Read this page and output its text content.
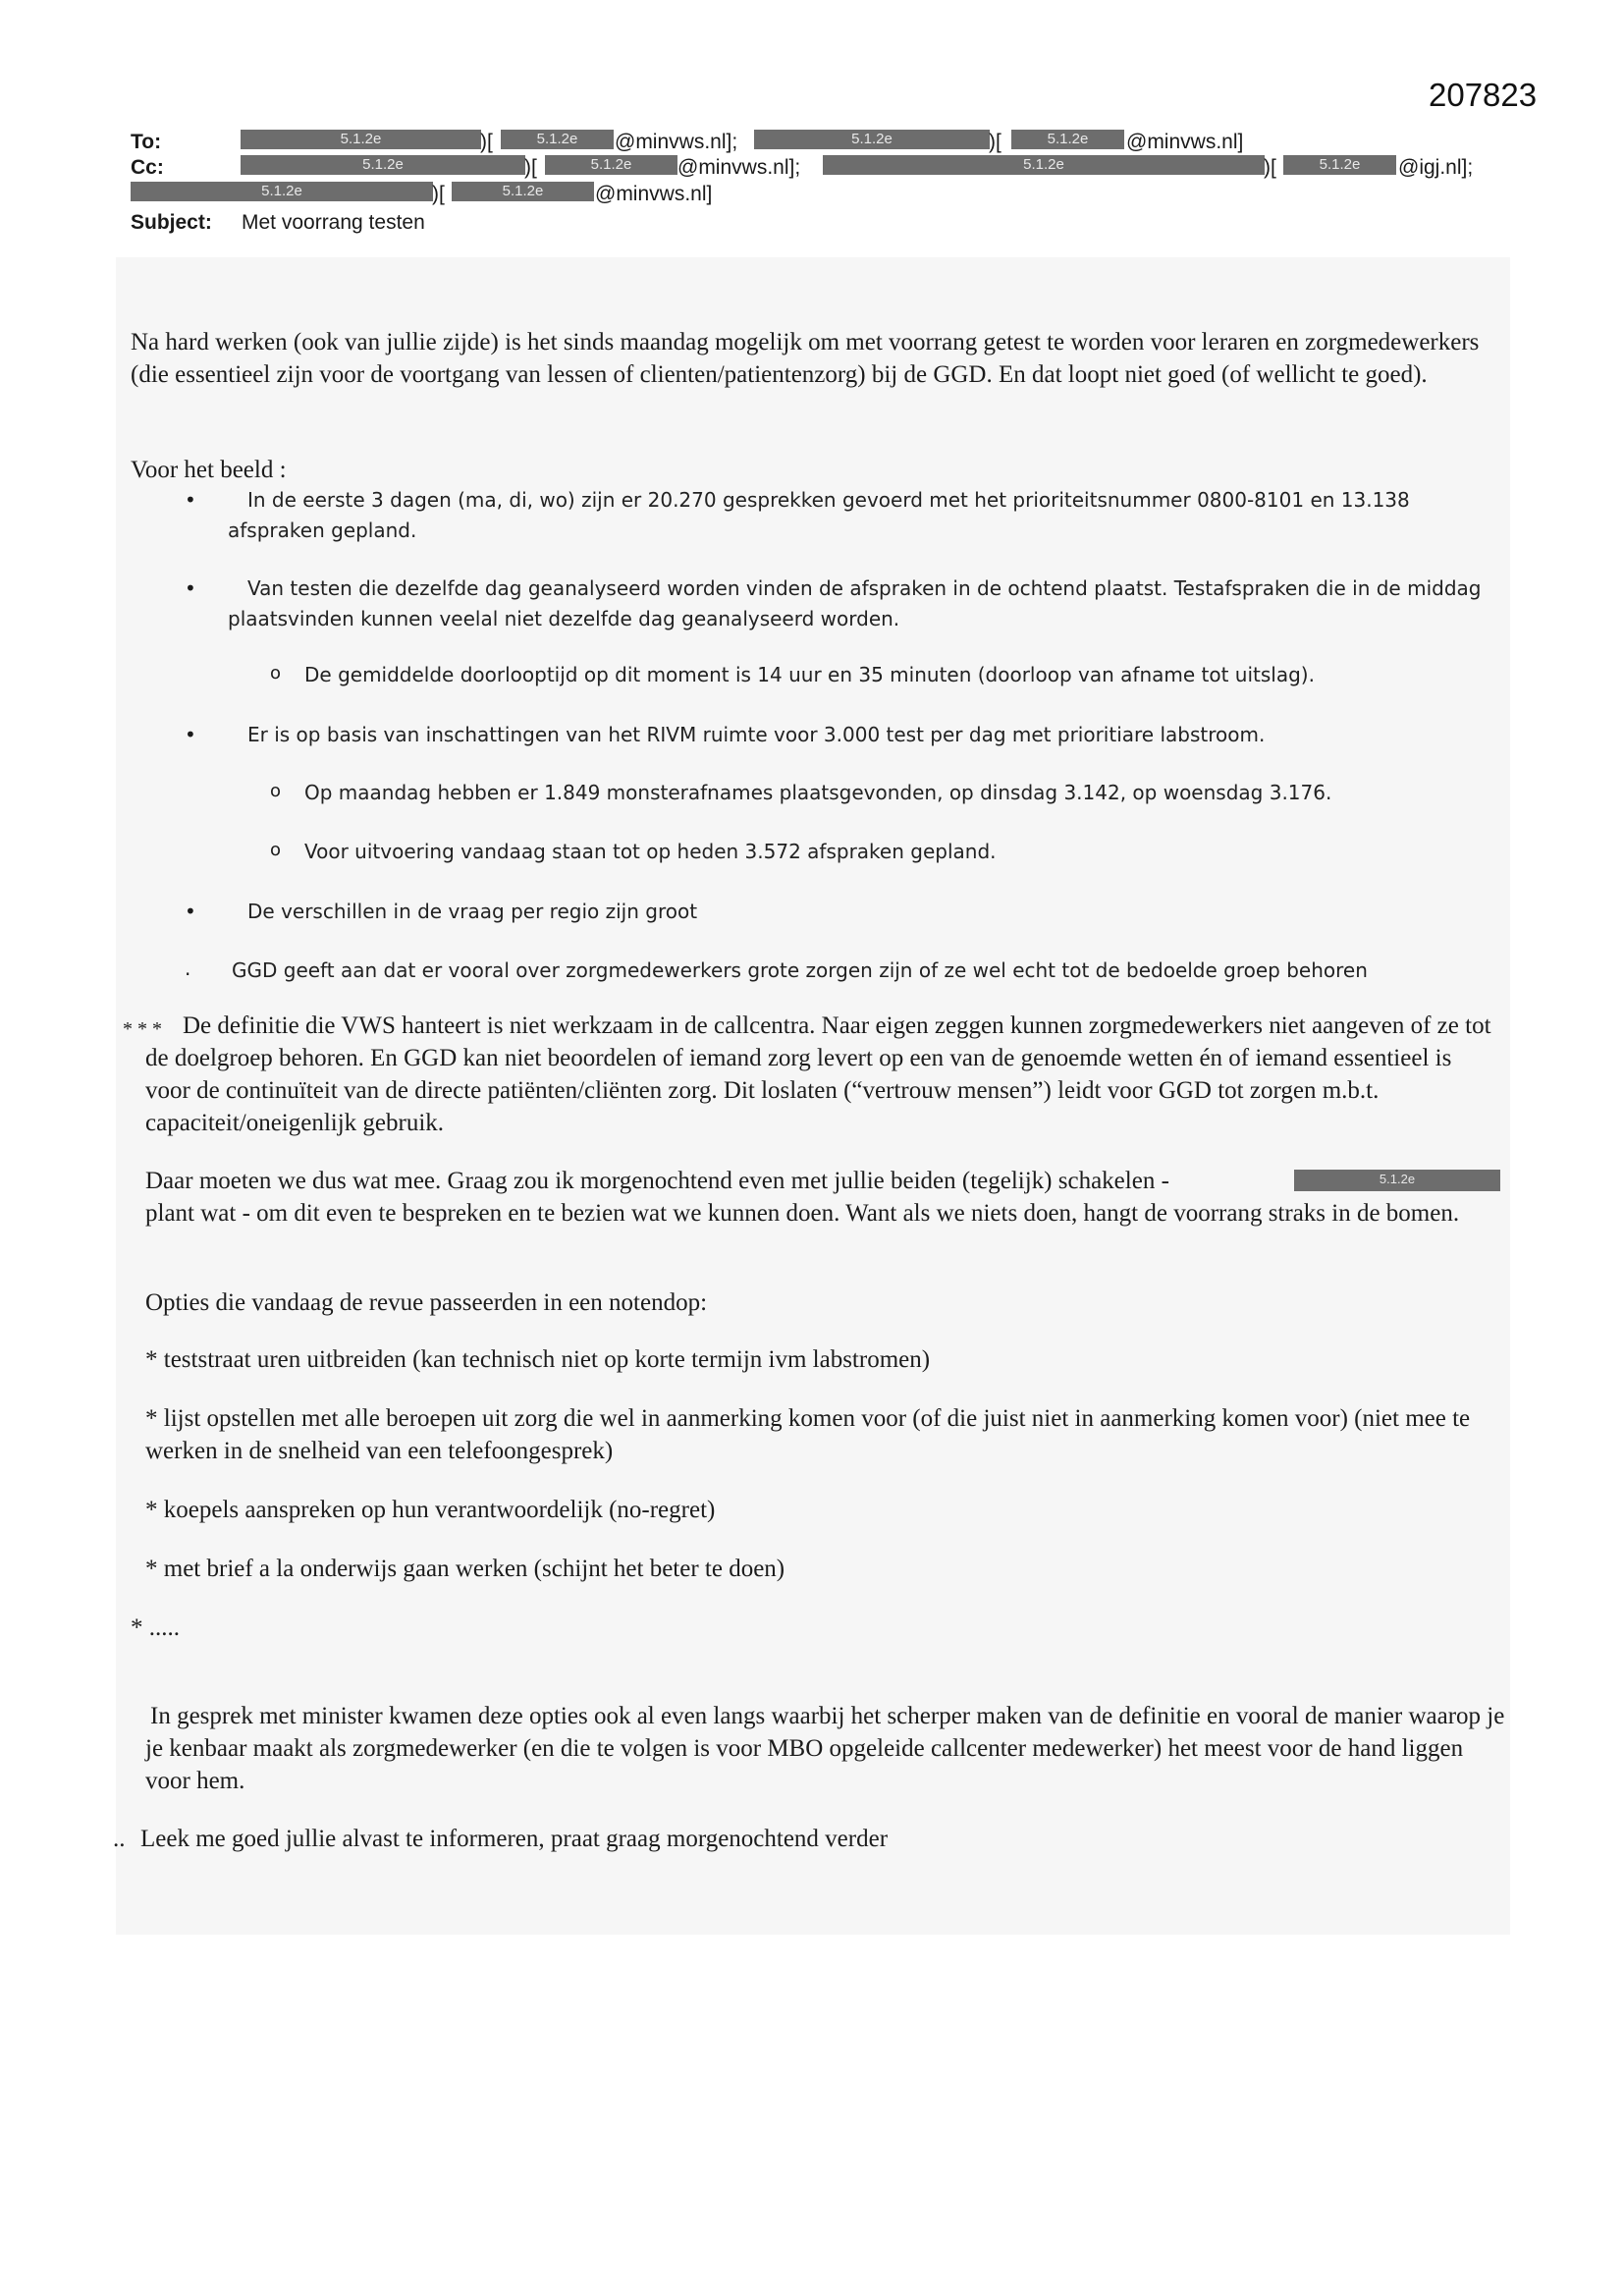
207823
To:	5.1.2e	)[	5.1.2e	@minvws.nl];	5.1.2e	)[	5.1.2e	@minvws.nl]
Cc:	5.1.2e	)[	5.1.2e	@minvws.nl];	5.1.2e	)[	5.1.2e	@igj.nl];
5.1.2e	)[	5.1.2e	@minvws.nl]
Subject: Met voorrang testen

Na hard werken (ook van jullie zijde) is het sinds maandag mogelijk om met voorrang getest te worden voor leraren en zorgmedewerkers (die essentieel zijn voor de voortgang van lessen of clienten/patientenzorg) bij de GGD. En dat loopt niet goed (of wellicht te goed).

Voor het beeld :
•	In de eerste 3 dagen (ma, di, wo) zijn er 20.270 gesprekken gevoerd met het prioriteitsnummer 0800-8101 en 13.138 afspraken gepland.

•	Van testen die dezelfde dag geanalyseerd worden vinden de afspraken in de ochtend plaatst. Testafspraken die in de middag plaatsvinden kunnen veelal niet dezelfde dag geanalyseerd worden.

o De gemiddelde doorlooptijd op dit moment is 14 uur en 35 minuten (doorloop van afname tot uitslag).

•	Er is op basis van inschattingen van het RIVM ruimte voor 3.000 test per dag met prioritiare labstroom.

o Op maandag hebben er 1.849 monsterafnames plaatsgevonden, op dinsdag 3.142, op woensdag 3.176.

o Voor uitvoering vandaag staan tot op heden 3.572 afspraken gepland.

•	De verschillen in de vraag per regio zijn groot

. GGD geeft aan dat er vooral over zorgmedewerkers grote zorgen zijn of ze wel echt tot de bedoelde groep behoren

* * * De definitie die VWS hanteert is niet werkzaam in de callcentra. Naar eigen zeggen kunnen zorgmedewerkers niet aangeven of ze tot de doelgroep behoren. En GGD kan niet beoordelen of iemand zorg levert op een van de genoemde wetten én of iemand essentieel is voor de continuïteit van de directe patiënten/cliënten zorg. Dit loslaten (“vertrouw mensen”) leidt voor GGD tot zorgen m.b.t. capaciteit/oneigenlijk gebruik.

Daar moeten we dus wat mee. Graag zou ik morgenochtend even met jullie beiden (tegelijk) schakelen -	5.1.2e

plant wat - om dit even te bespreken en te bezien wat we kunnen doen. Want als we niets doen, hangt de voorrang straks in de bomen.

Opties die vandaag de revue passeerden in een notendop:

* teststraat uren uitbreiden (kan technisch niet op korte termijn ivm labstromen)

* lijst opstellen met alle beroepen uit zorg die wel in aanmerking komen voor (of die juist niet in aanmerking komen voor) (niet mee te werken in de snelheid van een telefoongesprek)

* koepels aanspreken op hun verantwoordelijk (no-regret)

* met brief a la onderwijs gaan werken (schijnt het beter te doen)

* .....

In gesprek met minister kwamen deze opties ook al even langs waarbij het scherper maken van de definitie en vooral de manier waarop je je kenbaar maakt als zorgmedewerker (en die te volgen is voor MBO opgeleide callcenter medewerker) het meest voor de hand liggen voor hem.

.. Leek me goed jullie alvast te informeren, praat graag morgenochtend verder
